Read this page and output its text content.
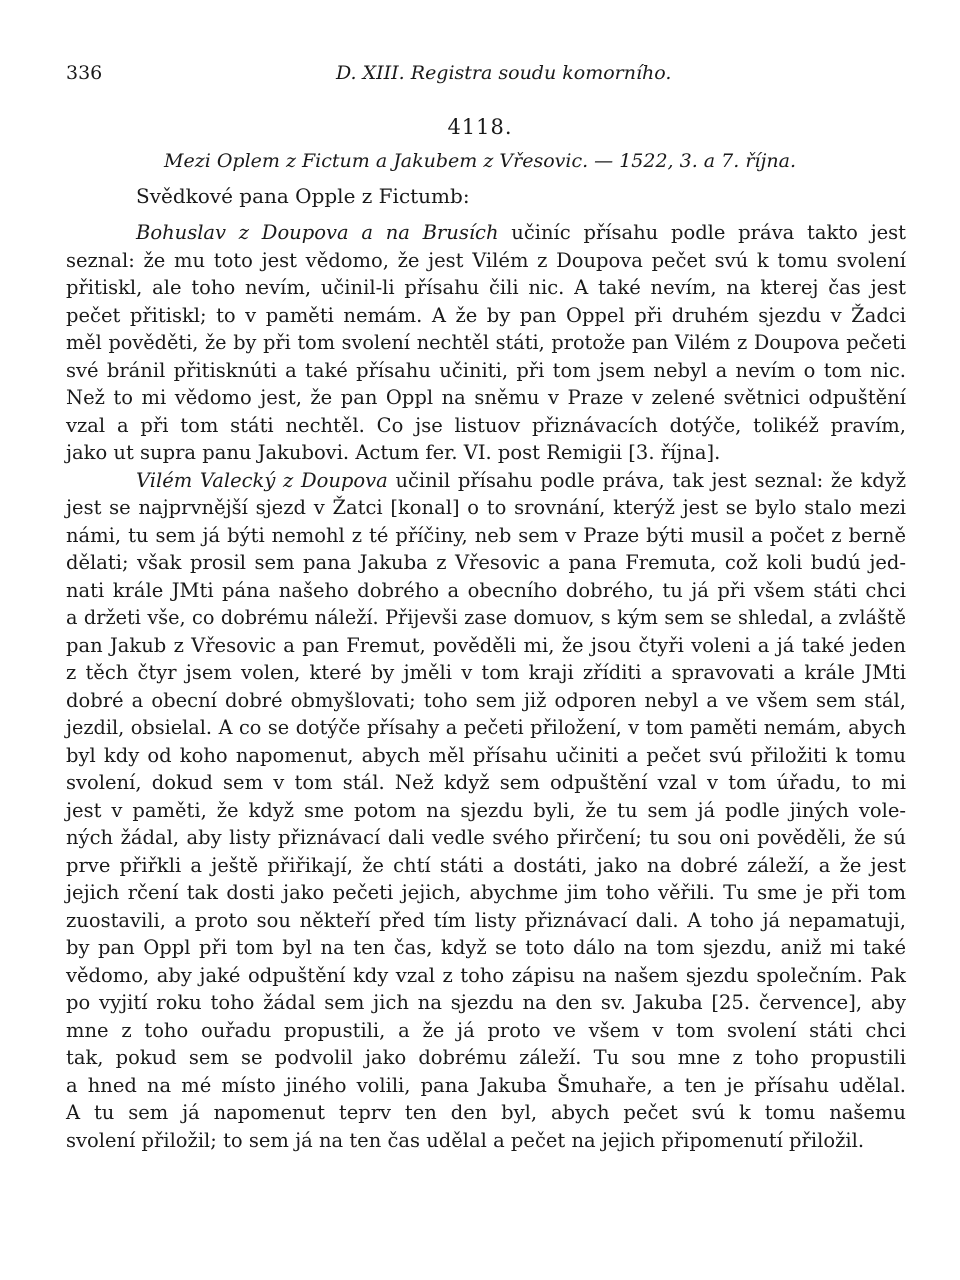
336	D. XIII. Registra soudu komorního.
4118.
Mezi Oplem z Fictum a Jakubem z Vřesovic. — 1522, 3. a 7. října.
Svědkové pana Opple z Fictumb:
Bohuslav z Doupova a na Brusích učiníc přísahu podle práva takto jest
seznal: že mu toto jest vědomo, že jest Vilém z Doupova pečet svú k tomu svolení
přitiskl, ale toho nevím, učinil-li přísahu čili nic. A také nevím, na kterej čas jest
pečet přitiskl; to v paměti nemám. A že by pan Oppel při druhém sjezdu v Žadci
měl pověděti, že by při tom svolení nechtěl státi, protože pan Vilém z Doupova pečeti
své bránil přitisknúti a také přísahu učiniti, při tom jsem nebyl a nevím o tom nic.
Než to mi vědomo jest, že pan Oppl na sněmu v Praze v zelené světnici odpuštění
vzal a při tom státi nechtěl. Co jse listuov přiznávacích dotýče, tolikéž pravím,
jako ut supra panu Jakubovi. Actum fer. VI. post Remigii [3. října].
Vilém Valecký z Doupova učinil přísahu podle práva, tak jest seznal: že když
jest se najprvnější sjezd v Žatci [konal] o to srovnání, kterýž jest se bylo stalo mezi
námi, tu sem já býti nemohl z té příčiny, neb sem v Praze býti musil a počet z berně
dělati; však prosil sem pana Jakuba z Vřesovic a pana Fremuta, což koli budú jed-
nati krále JMti pána našeho dobrého a obecního dobrého, tu já při všem státi chci
a držeti vše, co dobrému náleží. Přijevši zase domuov, s kým sem se shledal, a zvláště
pan Jakub z Vřesovic a pan Fremut, pověděli mi, že jsou čtyři voleni a já také jeden
z těch čtyr jsem volen, které by jměli v tom kraji zříditi a spravovati a krále JMti
dobré a obecní dobré obmyšlovati; toho sem již odporen nebyl a ve všem sem stál,
jezdil, obsielal. A co se dotýče přísahy a pečeti přiložení, v tom paměti nemám, abych
byl kdy od koho napomenut, abych měl přísahu učiniti a pečet svú přiložiti k tomu
svolení, dokud sem v tom stál. Než když sem odpuštění vzal v tom úřadu, to mi
jest v paměti, že když sme potom na sjezdu byli, že tu sem já podle jiných vole-
ných žádal, aby listy přiznávací dali vedle svého přirčení; tu sou oni pověděli, že sú
prve přiřkli a ještě přiřikají, že chtí státi a dostáti, jako na dobré záleží, a že jest
jejich rčení tak dosti jako pečeti jejich, abychme jim toho věřili. Tu sme je při tom
zuostavili, a proto sou někteří před tím listy přiznávací dali. A toho já nepamatuji,
by pan Oppl při tom byl na ten čas, když se toto dálo na tom sjezdu, aniž mi také
vědomo, aby jaké odpuštění kdy vzal z toho zápisu na našem sjezdu společním. Pak
po vyjití roku toho žádal sem jich na sjezdu na den sv. Jakuba [25. července], aby
mne z toho ouřadu propustili, a že já proto ve všem v tom svolení státi chci
tak, pokud sem se podvolil jako dobrému záleží. Tu sou mne z toho propustili
a hned na mé místo jiného volili, pana Jakuba Šmuhaře, a ten je přísahu udělal.
A tu sem já napomenut teprv ten den byl, abych pečet svú k tomu našemu
svolení přiložil; to sem já na ten čas udělal a pečet na jejich připomenutí přiložil.
